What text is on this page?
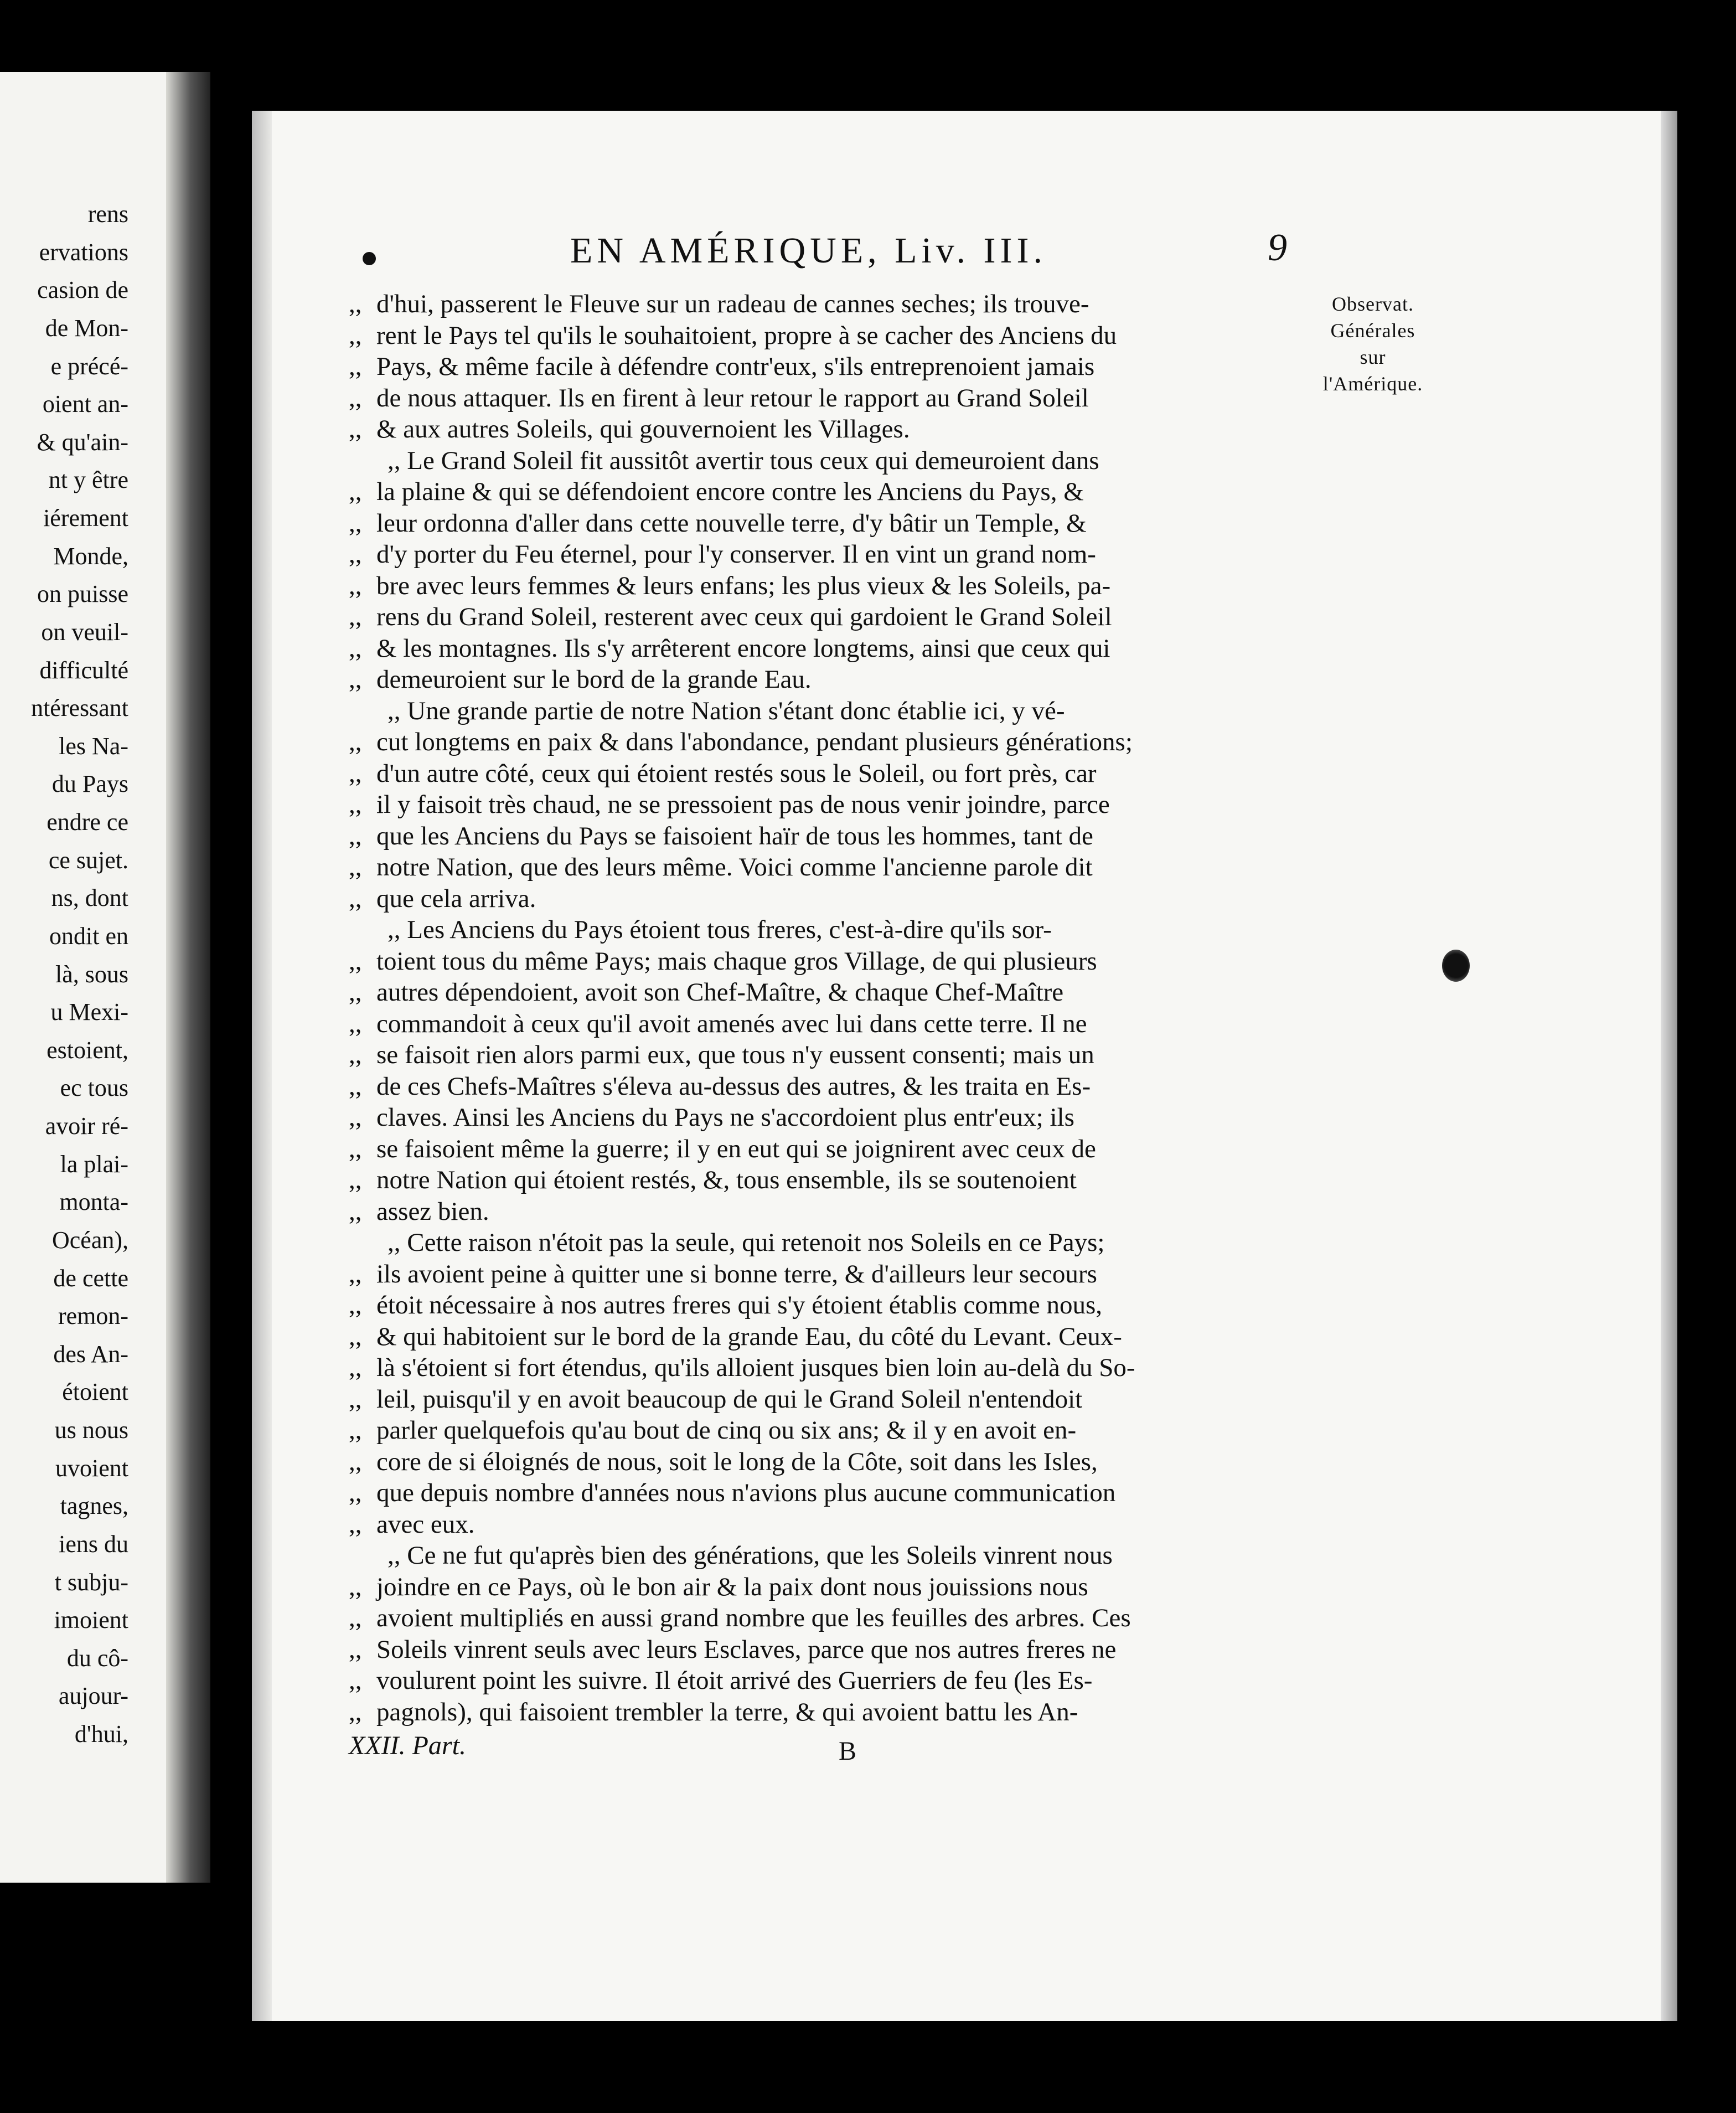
rens
ervations
casion de
de Mon-
e précé-
oient an-
& qu'ain-
nt y être
iérement
Monde,
on puisse
on veuil-
difficulté
ntéressant
les Na-
du Pays
endre ce
ce sujet.
ns, dont
ondit en
là, sous
u Mexi-
estoient,
ec tous
avoir ré-
la plai-
monta-
Océan),
de cette
remon-
des An-
étoient
us nous
uvoient
tagnes,
iens du
t subju-
imoient
du cô-
aujour-
d'hui,
EN AMÉRIQUE, Liv. III.	9
Observat.
Générales
sur
l'Amérique.
,, d'hui, passerent le Fleuve sur un radeau de cannes seches; ils trouve-
,, rent le Pays tel qu'ils le souhaitoient, propre à se cacher des Anciens du
,, Pays, & même facile à défendre contr'eux, s'ils entreprenoient jamais
,, de nous attaquer. Ils en firent à leur retour le rapport au Grand Soleil
,, & aux autres Soleils, qui gouvernoient les Villages.
,, Le Grand Soleil fit aussitôt avertir tous ceux qui demeuroient dans
,, la plaine & qui se défendoient encore contre les Anciens du Pays, &
,, leur ordonna d'aller dans cette nouvelle terre, d'y bâtir un Temple, &
,, d'y porter du Feu éternel, pour l'y conserver. Il en vint un grand nom-
,, bre avec leurs femmes & leurs enfans; les plus vieux & les Soleils, pa-
,, rens du Grand Soleil, resterent avec ceux qui gardoient le Grand Soleil
,, & les montagnes. Ils s'y arrêterent encore longtems, ainsi que ceux qui
,, demeuroient sur le bord de la grande Eau.
,, Une grande partie de notre Nation s'étant donc établie ici, y vé-
,, cut longtems en paix & dans l'abondance, pendant plusieurs générations;
,, d'un autre côté, ceux qui étoient restés sous le Soleil, ou fort près, car
,, il y faisoit très chaud, ne se pressoient pas de nous venir joindre, parce
,, que les Anciens du Pays se faisoient haïr de tous les hommes, tant de
,, notre Nation, que des leurs même. Voici comme l'ancienne parole dit
,, que cela arriva.
,, Les Anciens du Pays étoient tous freres, c'est-à-dire qu'ils sor-
,, toient tous du même Pays; mais chaque gros Village, de qui plusieurs
,, autres dépendoient, avoit son Chef-Maître, & chaque Chef-Maître
,, commandoit à ceux qu'il avoit amenés avec lui dans cette terre. Il ne
,, se faisoit rien alors parmi eux, que tous n'y eussent consenti; mais un
,, de ces Chefs-Maîtres s'éleva au-dessus des autres, & les traita en Es-
,, claves. Ainsi les Anciens du Pays ne s'accordoient plus entr'eux; ils
,, se faisoient même la guerre; il y en eut qui se joignirent avec ceux de
,, notre Nation qui étoient restés, &, tous ensemble, ils se soutenoient
,, assez bien.
,, Cette raison n'étoit pas la seule, qui retenoit nos Soleils en ce Pays;
,, ils avoient peine à quitter une si bonne terre, & d'ailleurs leur secours
,, étoit nécessaire à nos autres freres qui s'y étoient établis comme nous,
,, & qui habitoient sur le bord de la grande Eau, du côté du Levant. Ceux-
,, là s'étoient si fort étendus, qu'ils alloient jusques bien loin au-delà du So-
,, leil, puisqu'il y en avoit beaucoup de qui le Grand Soleil n'entendoit
,, parler quelquefois qu'au bout de cinq ou six ans; & il y en avoit en-
,, core de si éloignés de nous, soit le long de la Côte, soit dans les Isles,
,, que depuis nombre d'années nous n'avions plus aucune communication
,, avec eux.
,, Ce ne fut qu'après bien des générations, que les Soleils vinrent nous
,, joindre en ce Pays, où le bon air & la paix dont nous jouissions nous
,, avoient multipliés en aussi grand nombre que les feuilles des arbres. Ces
,, Soleils vinrent seuls avec leurs Esclaves, parce que nos autres freres ne
,, voulurent point les suivre. Il étoit arrivé des Guerriers de feu (les Es-
,, pagnols), qui faisoient trembler la terre, & qui avoient battu les An-
XXII. Part.	B
